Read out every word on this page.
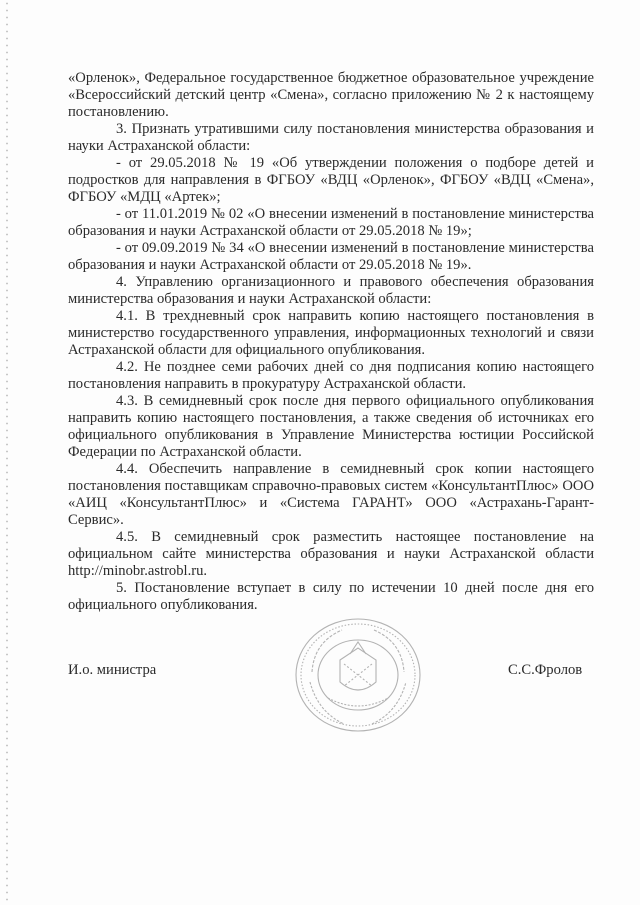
«Орленок», Федеральное государственное бюджетное образовательное учреждение «Всероссийский детский центр «Смена», согласно приложению № 2 к настоящему постановлению.

3. Признать утратившими силу постановления министерства образования и науки Астраханской области:

- от 29.05.2018 № 19 «Об утверждении положения о подборе детей и подростков для направления в ФГБОУ «ВДЦ «Орленок», ФГБОУ «ВДЦ «Смена», ФГБОУ «МДЦ «Артек»;

- от 11.01.2019 № 02 «О внесении изменений в постановление министерства образования и науки Астраханской области от 29.05.2018 № 19»;

- от 09.09.2019 № 34 «О внесении изменений в постановление министерства образования и науки Астраханской области от 29.05.2018 № 19».

4. Управлению организационного и правового обеспечения образования министерства образования и науки Астраханской области:

4.1. В трехдневный срок направить копию настоящего постановления в министерство государственного управления, информационных технологий и связи Астраханской области для официального опубликования.

4.2. Не позднее семи рабочих дней со дня подписания копию настоящего постановления направить в прокуратуру Астраханской области.

4.3. В семидневный срок после дня первого официального опубликования направить копию настоящего постановления, а также сведения об источниках его официального опубликования в Управление Министерства юстиции Российской Федерации по Астраханской области.

4.4. Обеспечить направление в семидневный срок копии настоящего постановления поставщикам справочно-правовых систем «КонсультантПлюс» ООО «АИЦ «КонсультантПлюс» и «Система ГАРАНТ» ООО «Астрахань-Гарант-Сервис».

4.5. В семидневный срок разместить настоящее постановление на официальном сайте министерства образования и науки Астраханской области http://minobr.astrobl.ru.

5. Постановление вступает в силу по истечении 10 дней после дня его официального опубликования.

И.о. министра	С.С.Фролов
